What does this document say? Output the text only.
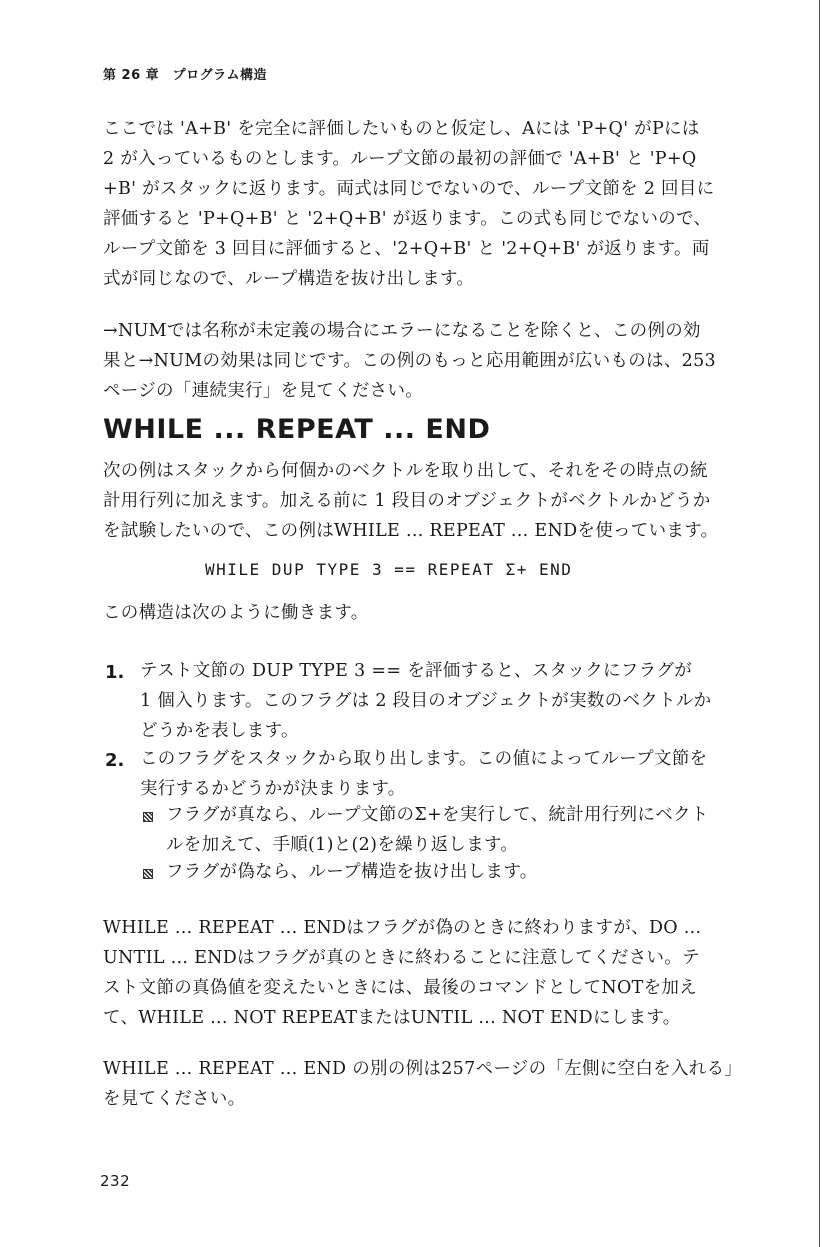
第 26 章　プログラム構造
ここでは 'A+B' を完全に評価したいものと仮定し、Aには 'P+Q' がPには
2 が入っているものとします。ループ文節の最初の評価で 'A+B' と 'P+Q
+B' がスタックに返ります。両式は同じでないので、ループ文節を 2 回目に
評価すると 'P+Q+B' と '2+Q+B' が返ります。この式も同じでないので、
ループ文節を 3 回目に評価すると、'2+Q+B' と '2+Q+B' が返ります。両
式が同じなので、ループ構造を抜け出します。
→NUMでは名称が未定義の場合にエラーになることを除くと、この例の効
果と→NUMの効果は同じです。この例のもっと応用範囲が広いものは、253
ページの「連続実行」を見てください。
WHILE ... REPEAT ... END
次の例はスタックから何個かのベクトルを取り出して、それをその時点の統
計用行列に加えます。加える前に 1 段目のオブジェクトがベクトルかどうか
を試験したいので、この例はWHILE ... REPEAT ... ENDを使っています。
WHILE DUP TYPE 3 == REPEAT Σ+ END
この構造は次のように働きます。
1. テスト文節の DUP TYPE 3 == を評価すると、スタックにフラグが
1 個入ります。このフラグは 2 段目のオブジェクトが実数のベクトルか
どうかを表します。
2. このフラグをスタックから取り出します。この値によってループ文節を
実行するかどうかが決まります。
フラグが真なら、ループ文節のΣ+を実行して、統計用行列にベクト
ルを加えて、手順(1)と(2)を繰り返します。
フラグが偽なら、ループ構造を抜け出します。
WHILE ... REPEAT ... ENDはフラグが偽のときに終わりますが、DO ...
UNTIL ... ENDはフラグが真のときに終わることに注意してください。テ
スト文節の真偽値を変えたいときには、最後のコマンドとしてNOTを加え
て、WHILE ... NOT REPEATまたはUNTIL ... NOT ENDにします。
WHILE ... REPEAT ... END の別の例は257ページの「左側に空白を入れる」
を見てください。
232
